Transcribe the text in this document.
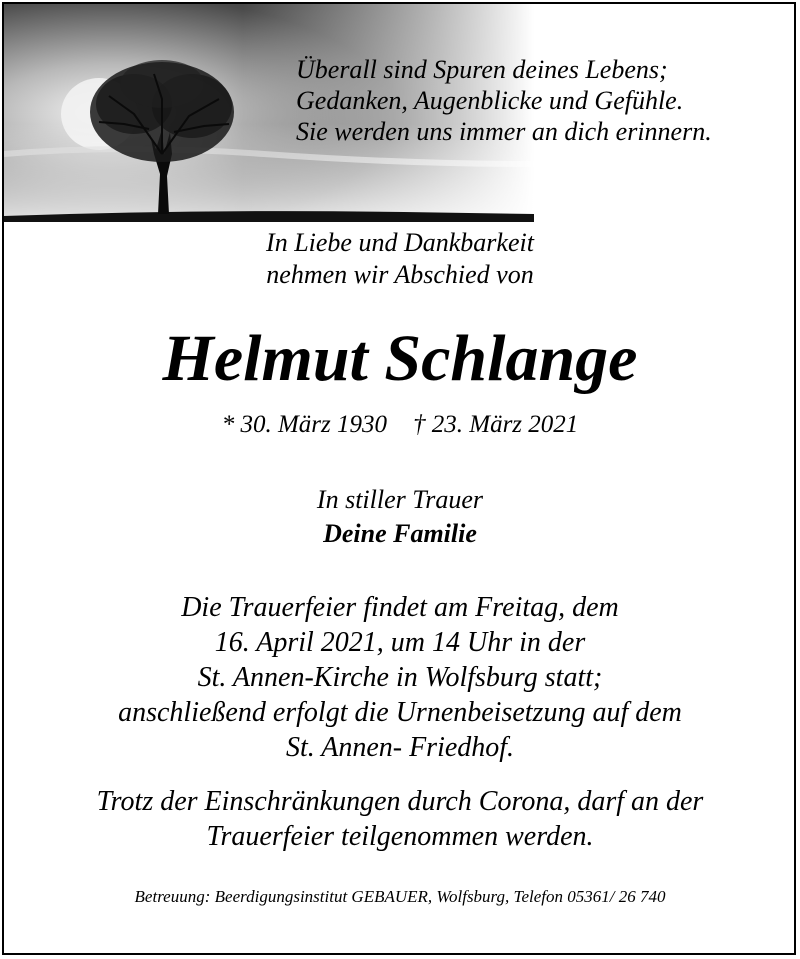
Überall sind Spuren deines Lebens;
Gedanken, Augenblicke und Gefühle.
Sie werden uns immer an dich erinnern.
In Liebe und Dankbarkeit
nehmen wir Abschied von
Helmut Schlange
* 30. März 1930 † 23. März 2021
In stiller Trauer
Deine Familie
Die Trauerfeier findet am Freitag, dem
16. April 2021, um 14 Uhr in der
St. Annen-Kirche in Wolfsburg statt;
anschließend erfolgt die Urnenbeisetzung auf dem
St. Annen- Friedhof.
Trotz der Einschränkungen durch Corona, darf an der
Trauerfeier teilgenommen werden.
Betreuung: Beerdigungsinstitut GEBAUER, Wolfsburg, Telefon 05361/ 26 740
